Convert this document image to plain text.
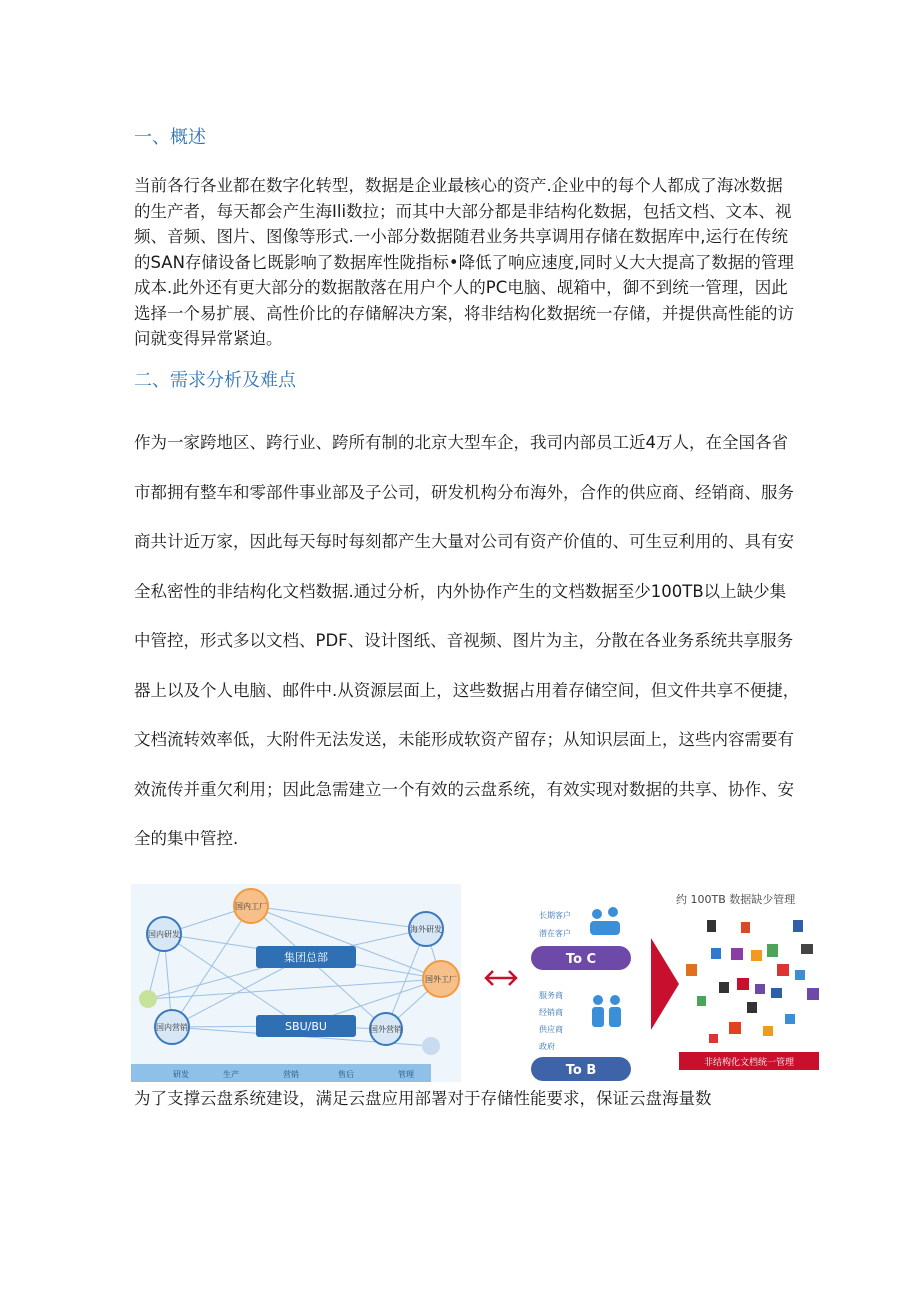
一、概述

当前各行各业都在数字化转型，数据是企业最核心的资产.企业中的每个人都成了海冰数据的生产者，每天都会产生海Ili数拉；而其中大部分都是非结构化数据，包括文档、文本、视频、音频、图片、图像等形式.一小部分数据随君业务共享调用存储在数据库中,运行在传统的SAN存储设备匕既影响了数据库性陇指标•降低了响应速度,同时乂大大提高了数据的管理成本.此外还有更大部分的数据散落在用户个人的PC电脑、觇箱中，御不到统一管理，因此选择一个易扩展、高性价比的存储解决方案，将非结构化数据统一存储，并提供高性能的访问就变得异常紧迫。

二、需求分析及难点

作为一家跨地区、跨行业、跨所有制的北京大型车企，我司内部员工近4万人，在全国各省市都拥有整车和零部件事业部及子公司，研发机构分布海外，合作的供应商、经销商、服务商共计近万家，因此每天每时每刻都产生大量对公司有资产价值的、可生豆利用的、具有安全私密性的非结构化文档数据.通过分析，内外协作产生的文档数据至少100TB以上缺少集中管控，形式多以文档、PDF、设计图纸、音视频、图片为主，分散在各业务系统共享服务器上以及个人电脑、邮件中.从资源层面上，这些数据占用着存储空间，但文件共享不便捷，文档流转效率低，大附件无法发送，未能形成软资产留存；从知识层面上，这些内容需要有效流传并重欠利用；因此急需建立一个有效的云盘系统，有效实现对数据的共享、协作、安全的集中管控.

集团总部
SBU/BU
国内工厂
国内研发
海外研发
国外工厂
国内营销	国外营销
研发	生产	营销	售后	管理
长期客户
潜在客户
To C
服务商
经销商
供应商
政府
To B
约 100TB 数据缺少管理
非结构化文档统一管理

为了支撑云盘系统建设，满足云盘应用部署对于存储性能要求，保证云盘海量数
